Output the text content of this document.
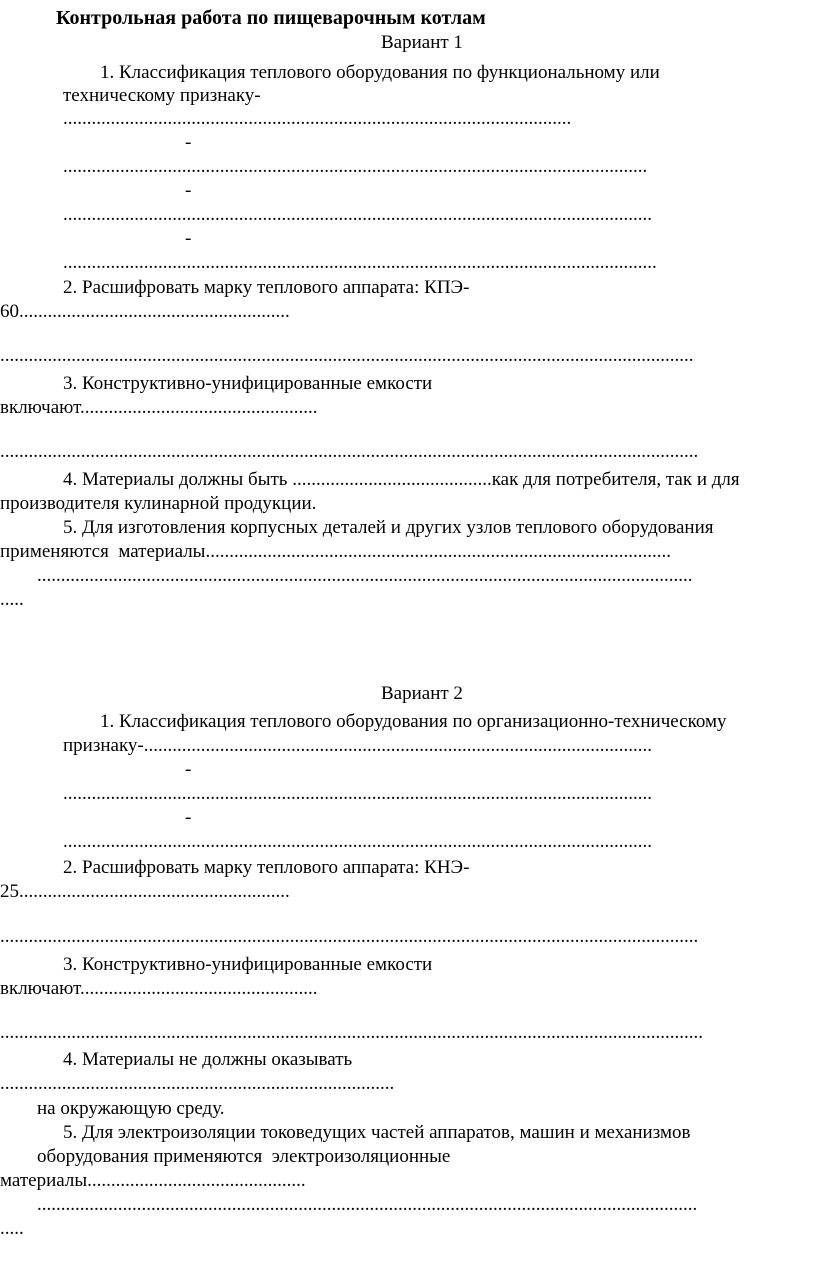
Контрольная работа по пищеварочным котлам
Вариант 1
1. Классификация теплового оборудования по функциональному или
техническому признаку-
...........................................................................................................
-
...........................................................................................................................
-
............................................................................................................................
-
.............................................................................................................................
2. Расшифровать марку теплового аппарата: КПЭ-
60.........................................................
..................................................................................................................................................
3. Конструктивно-унифицированные емкости
включают..................................................
...................................................................................................................................................
4. Материалы должны быть ..........................................как для потребителя, так и для
производителя кулинарной продукции.
5. Для изготовления корпусных деталей и других узлов теплового оборудования
применяются  материалы..................................................................................................
..........................................................................................................................................
.....
Вариант 2
1. Классификация теплового оборудования по организационно-техническому
признаку-...........................................................................................................
-
............................................................................................................................
-
............................................................................................................................
2. Расшифровать марку теплового аппарата: КНЭ-
25.........................................................
...................................................................................................................................................
3. Конструктивно-унифицированные емкости
включают..................................................
....................................................................................................................................................
4. Материалы не должны оказывать
...................................................................................
на окружающую среду.
5. Для электроизоляции токоведущих частей аппаратов, машин и механизмов
оборудования применяются  электроизоляционные
материалы..............................................
...........................................................................................................................................
.....
